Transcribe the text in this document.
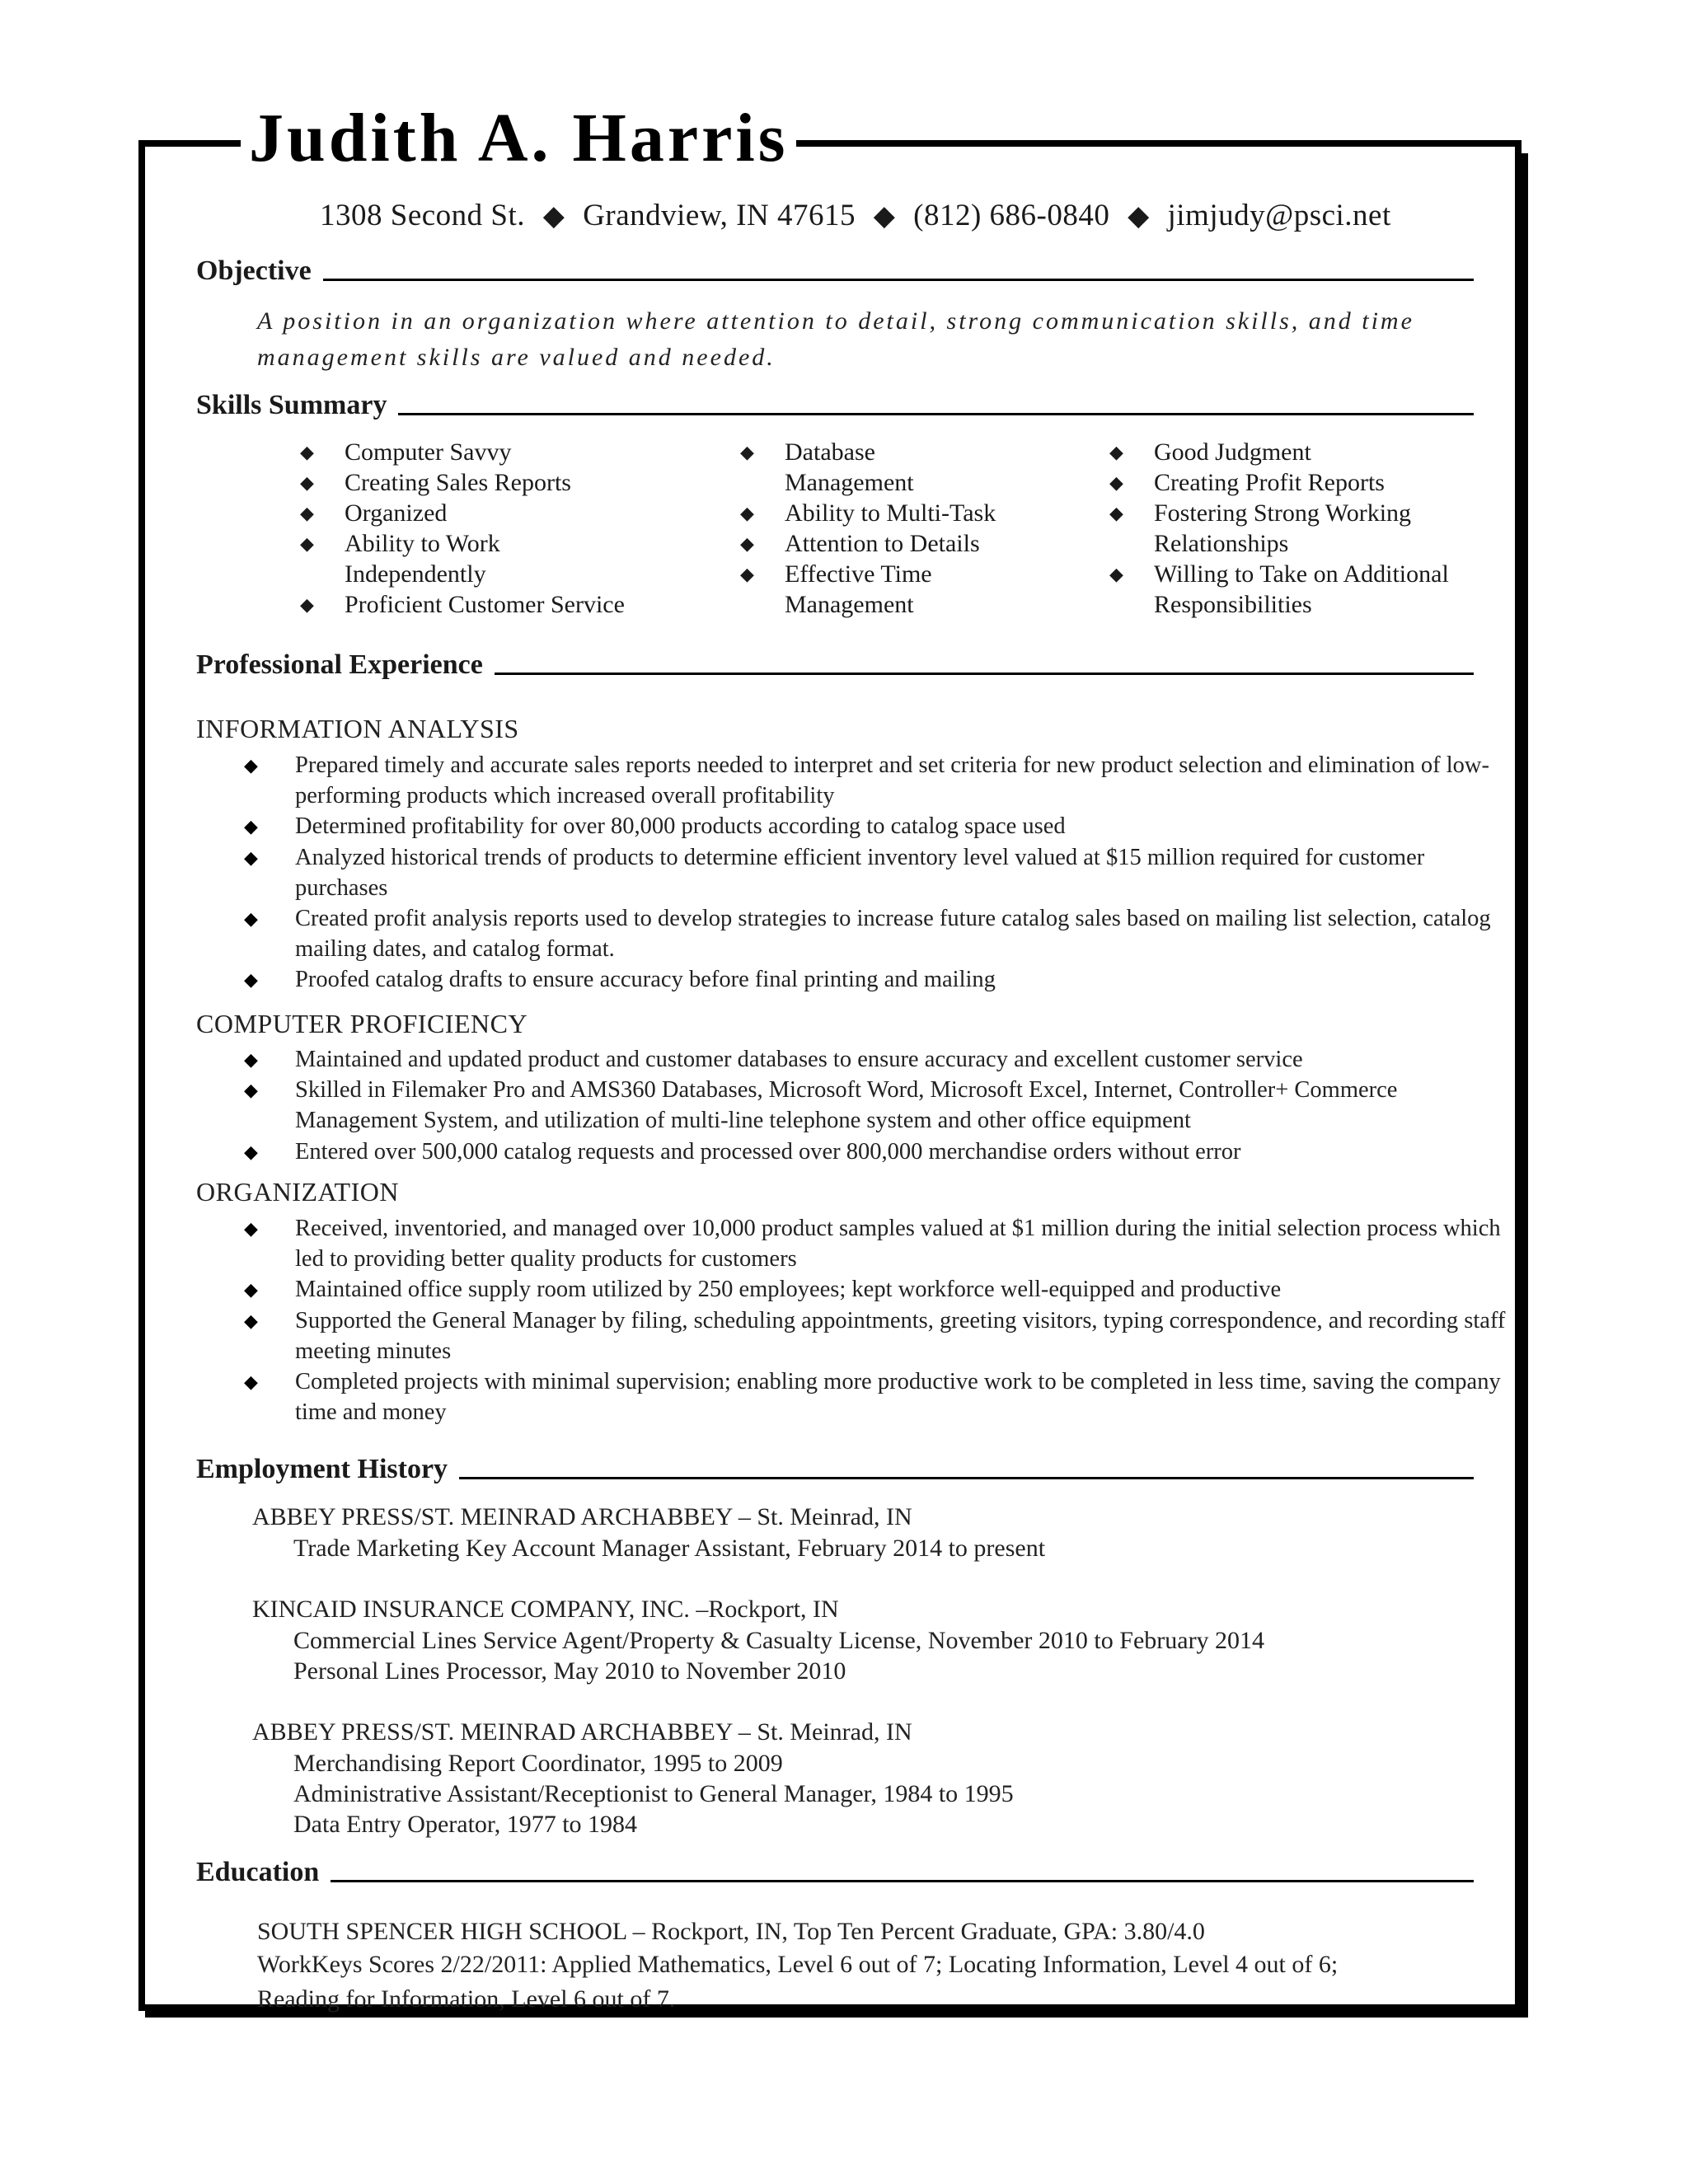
Judith A. Harris
1308 Second St. ◆ Grandview, IN 47615 ◆ (812) 686-0840 ◆ jimjudy@psci.net
Objective
A position in an organization where attention to detail, strong communication skills, and time management skills are valued and needed.
Skills Summary
◆ Computer Savvy
◆ Creating Sales Reports
◆ Organized
◆ Ability to Work Independently
◆ Proficient Customer Service
◆ Database Management
◆ Ability to Multi-Task
◆ Attention to Details
◆ Effective Time Management
◆ Good Judgment
◆ Creating Profit Reports
◆ Fostering Strong Working Relationships
◆ Willing to Take on Additional Responsibilities
Professional Experience
INFORMATION ANALYSIS
◆ Prepared timely and accurate sales reports needed to interpret and set criteria for new product selection and elimination of low-performing products which increased overall profitability
◆ Determined profitability for over 80,000 products according to catalog space used
◆ Analyzed historical trends of products to determine efficient inventory level valued at $15 million required for customer purchases
◆ Created profit analysis reports used to develop strategies to increase future catalog sales based on mailing list selection, catalog mailing dates, and catalog format.
◆ Proofed catalog drafts to ensure accuracy before final printing and mailing
COMPUTER PROFICIENCY
◆ Maintained and updated product and customer databases to ensure accuracy and excellent customer service
◆ Skilled in Filemaker Pro and AMS360 Databases, Microsoft Word, Microsoft Excel, Internet, Controller+ Commerce Management System, and utilization of multi-line telephone system and other office equipment
◆ Entered over 500,000 catalog requests and processed over 800,000 merchandise orders without error
ORGANIZATION
◆ Received, inventoried, and managed over 10,000 product samples valued at $1 million during the initial selection process which led to providing better quality products for customers
◆ Maintained office supply room utilized by 250 employees; kept workforce well-equipped and productive
◆ Supported the General Manager by filing, scheduling appointments, greeting visitors, typing correspondence, and recording staff meeting minutes
◆ Completed projects with minimal supervision; enabling more productive work to be completed in less time, saving the company time and money
Employment History
ABBEY PRESS/ST. MEINRAD ARCHABBEY – St. Meinrad, IN
Trade Marketing Key Account Manager Assistant, February 2014 to present
KINCAID INSURANCE COMPANY, INC. –Rockport, IN
Commercial Lines Service Agent/Property & Casualty License, November 2010 to February 2014
Personal Lines Processor, May 2010 to November 2010
ABBEY PRESS/ST. MEINRAD ARCHABBEY – St. Meinrad, IN
Merchandising Report Coordinator, 1995 to 2009
Administrative Assistant/Receptionist to General Manager, 1984 to 1995
Data Entry Operator, 1977 to 1984
Education
SOUTH SPENCER HIGH SCHOOL – Rockport, IN, Top Ten Percent Graduate, GPA: 3.80/4.0
WorkKeys Scores 2/22/2011: Applied Mathematics, Level 6 out of 7; Locating Information, Level 4 out of 6;
Reading for Information, Level 6 out of 7.
